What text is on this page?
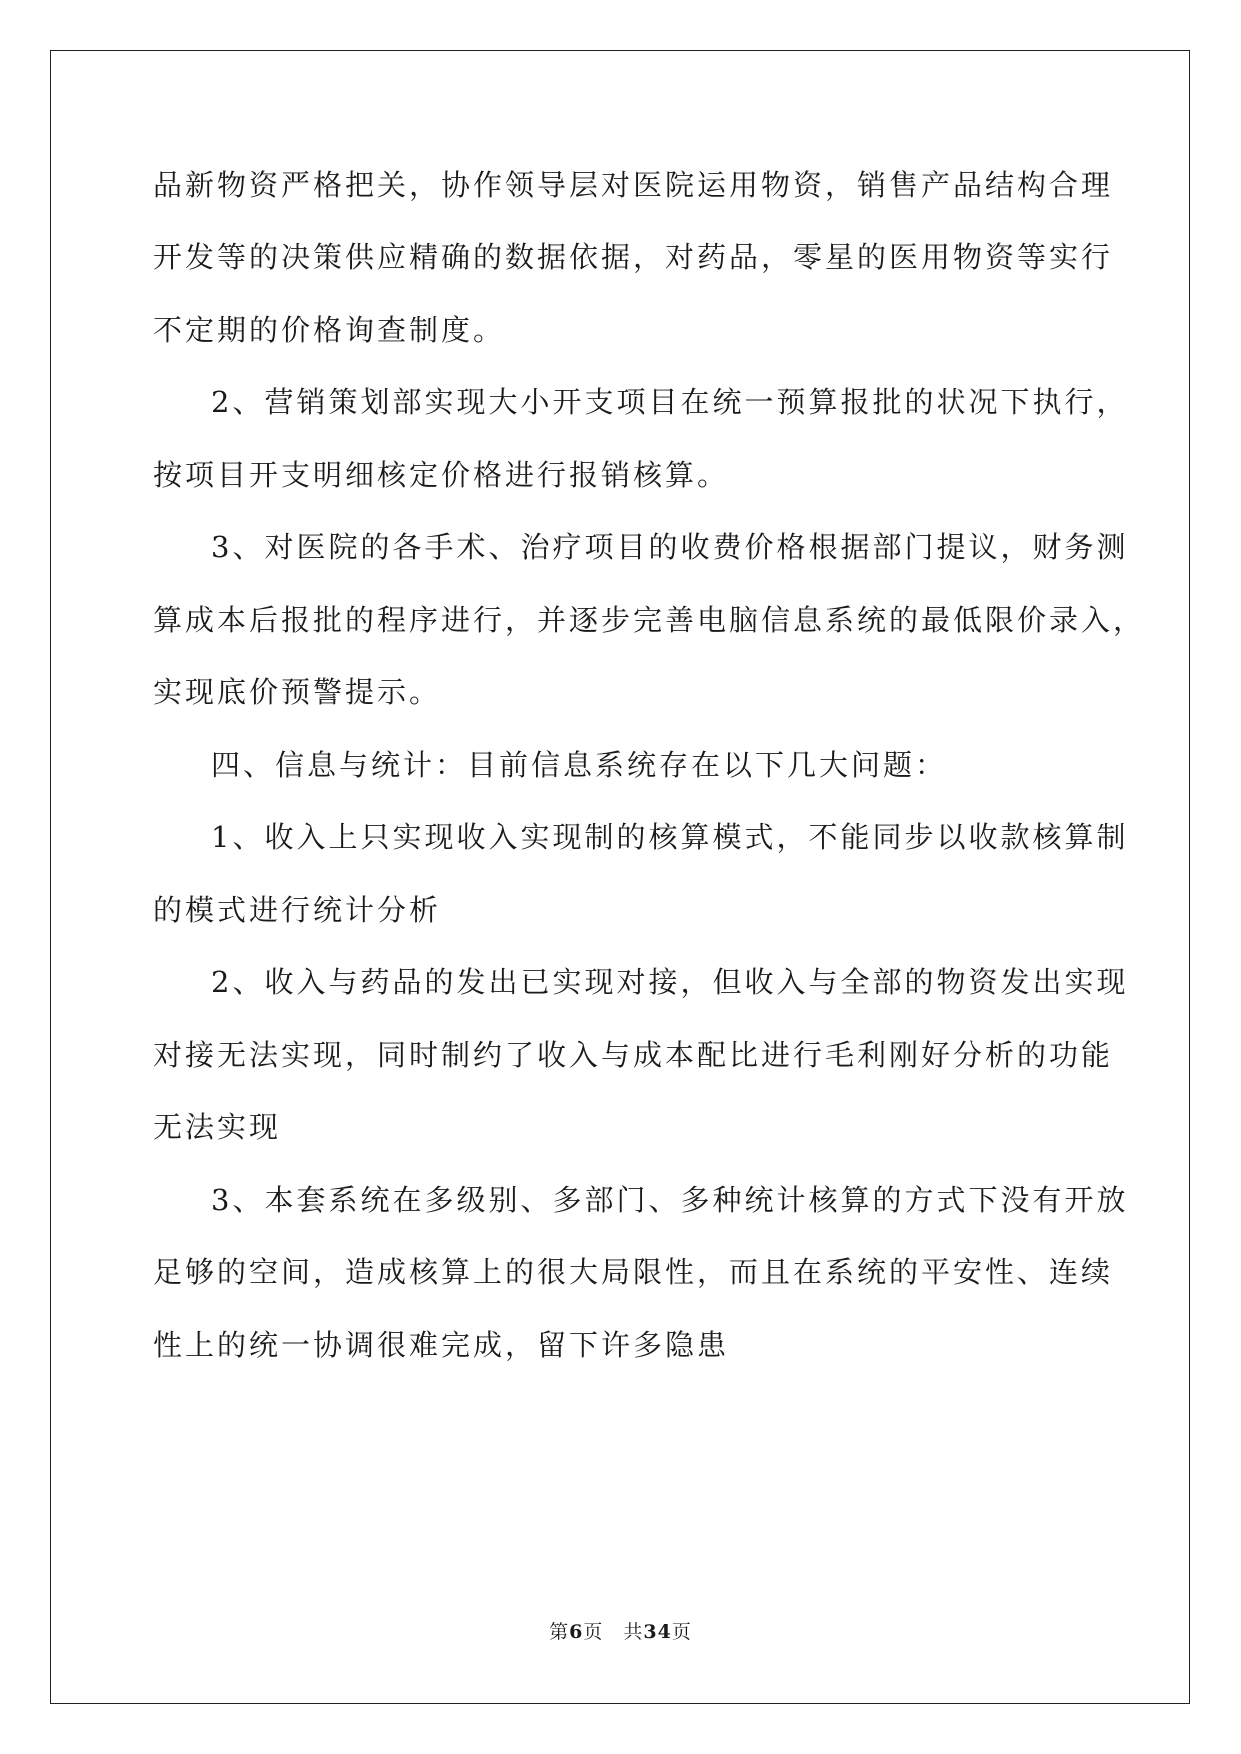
品新物资严格把关，协作领导层对医院运用物资，销售产品结构合理
开发等的决策供应精确的数据依据，对药品，零星的医用物资等实行
不定期的价格询查制度。
2、营销策划部实现大小开支项目在统一预算报批的状况下执行，
按项目开支明细核定价格进行报销核算。
3、对医院的各手术、治疗项目的收费价格根据部门提议，财务测
算成本后报批的程序进行，并逐步完善电脑信息系统的最低限价录入，
实现底价预警提示。
四、信息与统计：目前信息系统存在以下几大问题：
1、收入上只实现收入实现制的核算模式，不能同步以收款核算制
的模式进行统计分析
2、收入与药品的发出已实现对接，但收入与全部的物资发出实现
对接无法实现，同时制约了收入与成本配比进行毛利刚好分析的功能
无法实现
3、本套系统在多级别、多部门、多种统计核算的方式下没有开放
足够的空间，造成核算上的很大局限性，而且在系统的平安性、连续
性上的统一协调很难完成，留下许多隐患
第6页　共34页
